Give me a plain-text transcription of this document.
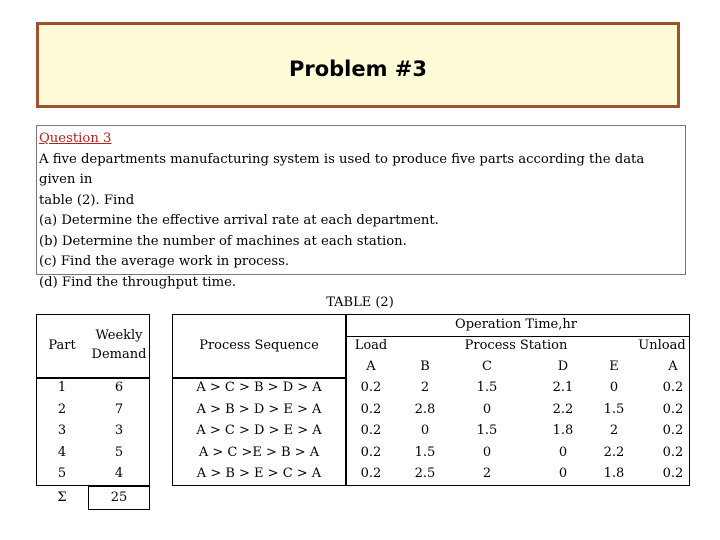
Problem #3
Question 3
A five departments manufacturing system is used to produce five parts according the data given in
table (2). Find
(a) Determine the effective arrival rate at each department.
(b) Determine the number of machines at each station.
(c) Find the average work in process.
(d) Find the throughput time.
TABLE (2)
Part
Weekly
Demand
Process Sequence
Operation Time,hr
Load	Process Station	Unload
Σ	25
A	B	C	D	E	A
1	6	A > C > B > D > A	0.2	2	1.5	2.1	0	0.2
2	7	A > B > D > E > A	0.2	2.8	0	2.2	1.5	0.2
3	3	A > C > D > E > A	0.2	0	1.5	1.8	2	0.2
4	5	A > C >E > B > A	0.2	1.5	0	0	2.2	0.2
5	4	A > B > E > C > A	0.2	2.5	2	0	1.8	0.2
